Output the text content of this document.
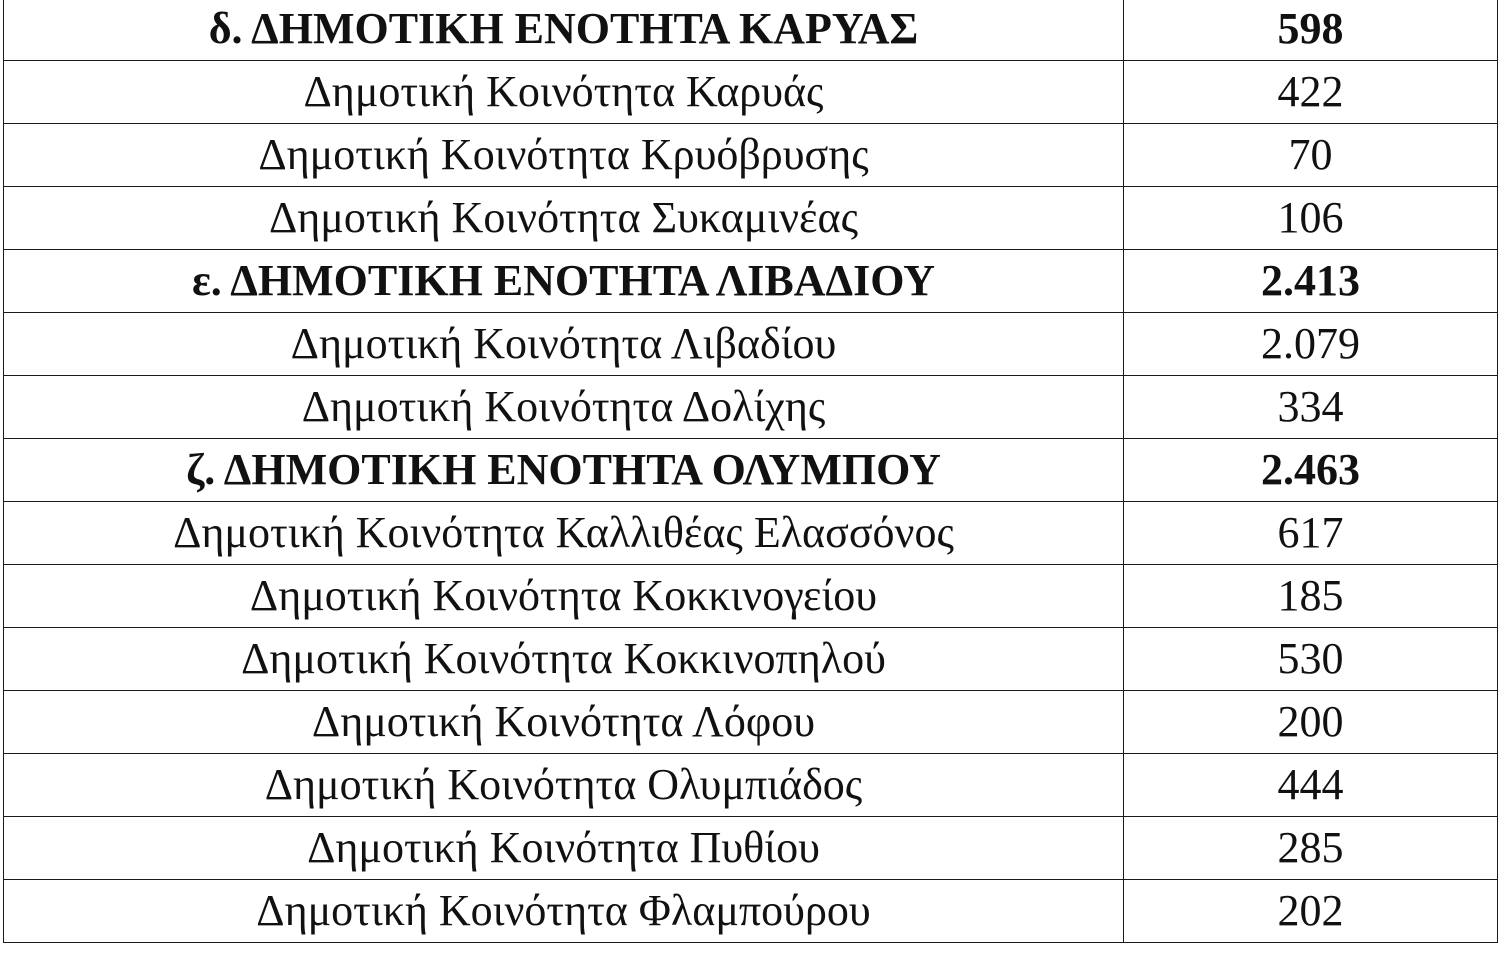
δ. ΔΗΜΟΤΙΚΗ ΕΝΟΤΗΤΑ ΚΑΡΥΑΣ	598
Δημοτική Κοινότητα Καρυάς	422
Δημοτική Κοινότητα Κρυόβρυσης	70
Δημοτική Κοινότητα Συκαμινέας	106
ε. ΔΗΜΟΤΙΚΗ ΕΝΟΤΗΤΑ ΛΙΒΑΔΙΟΥ	2.413
Δημοτική Κοινότητα Λιβαδίου	2.079
Δημοτική Κοινότητα Δολίχης	334
ζ. ΔΗΜΟΤΙΚΗ ΕΝΟΤΗΤΑ ΟΛΥΜΠΟΥ	2.463
Δημοτική Κοινότητα Καλλιθέας Ελασσόνος	617
Δημοτική Κοινότητα Κοκκινογείου	185
Δημοτική Κοινότητα Κοκκινοπηλού	530
Δημοτική Κοινότητα Λόφου	200
Δημοτική Κοινότητα Ολυμπιάδος	444
Δημοτική Κοινότητα Πυθίου	285
Δημοτική Κοινότητα Φλαμπούρου	202
